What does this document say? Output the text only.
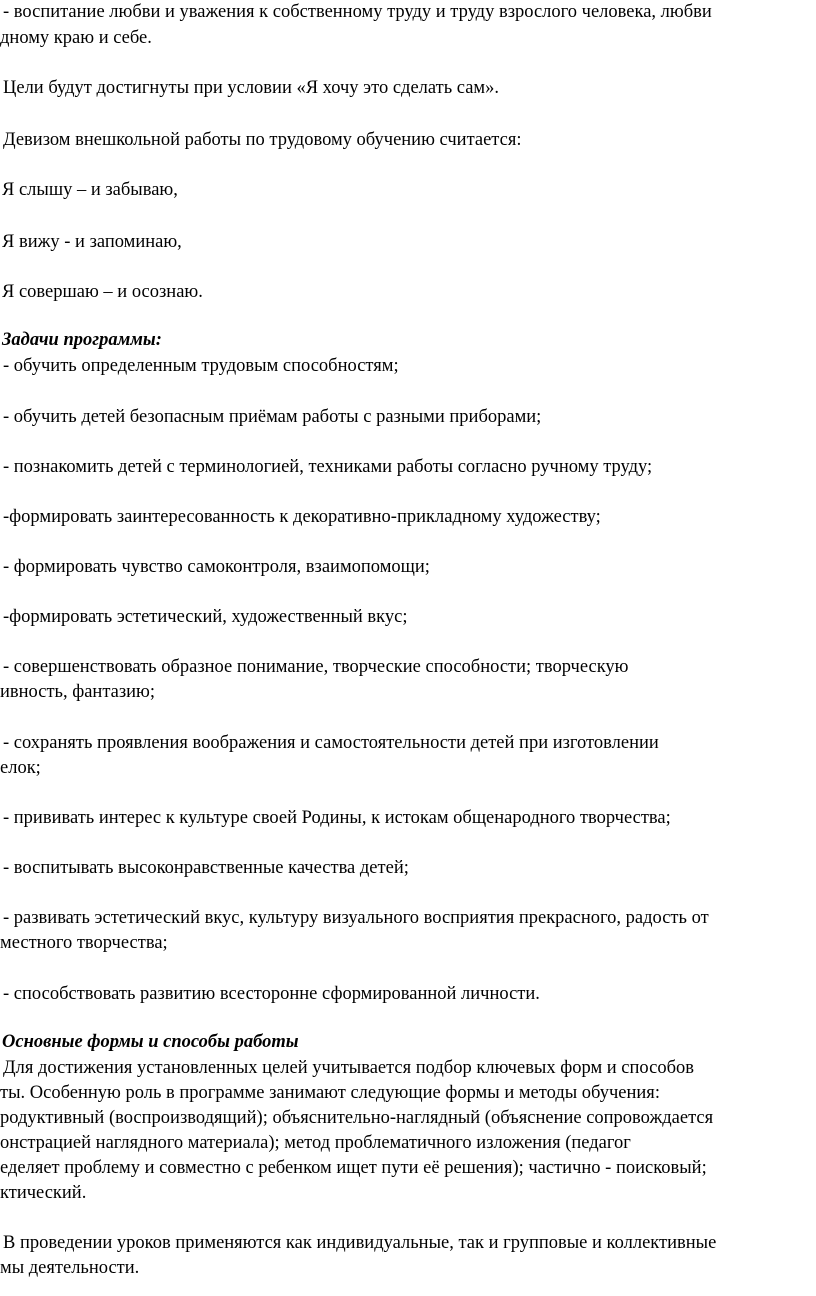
- воспитание любви и уважения к собственному труду и труду взрослого человека, любви

дному краю и себе.

Цели будут достигнуты при условии «Я хочу это сделать сам».

Девизом внешкольной работы по трудовому обучению считается:

Я слышу – и забываю,

Я вижу - и запоминаю,

Я совершаю – и осознаю.

Задачи программы:

- обучить определенным трудовым способностям;

- обучить детей безопасным приёмам работы с разными приборами;

- познакомить детей с терминологией, техниками работы согласно ручному труду;

-формировать заинтересованность к декоративно-прикладному художеству;

- формировать чувство самоконтроля, взаимопомощи;

-формировать эстетический, художественный вкус;

- совершенствовать образное понимание, творческие способности; творческую

ивность, фантазию;

- сохранять проявления воображения и самостоятельности детей при изготовлении

елок;

- прививать интерес к культуре своей Родины, к истокам общенародного творчества;

- воспитывать высоконравственные качества детей;

- развивать эстетический вкус, культуру визуального восприятия прекрасного, радость от

местного творчества;

- способствовать развитию всесторонне сформированной личности.

Основные формы и способы работы

Для достижения установленных целей учитывается подбор ключевых форм и способов

ты. Особенную роль в программе занимают следующие формы и методы обучения:

родуктивный (воспроизводящий); объяснительно-наглядный (объяснение сопровождается

онстрацией наглядного материала); метод проблематичного изложения (педагог

еделяет проблему и совместно с ребенком ищет пути её решения); частично - поисковый;

ктический.

В проведении уроков применяются как индивидуальные, так и групповые и коллективные

мы деятельности.
